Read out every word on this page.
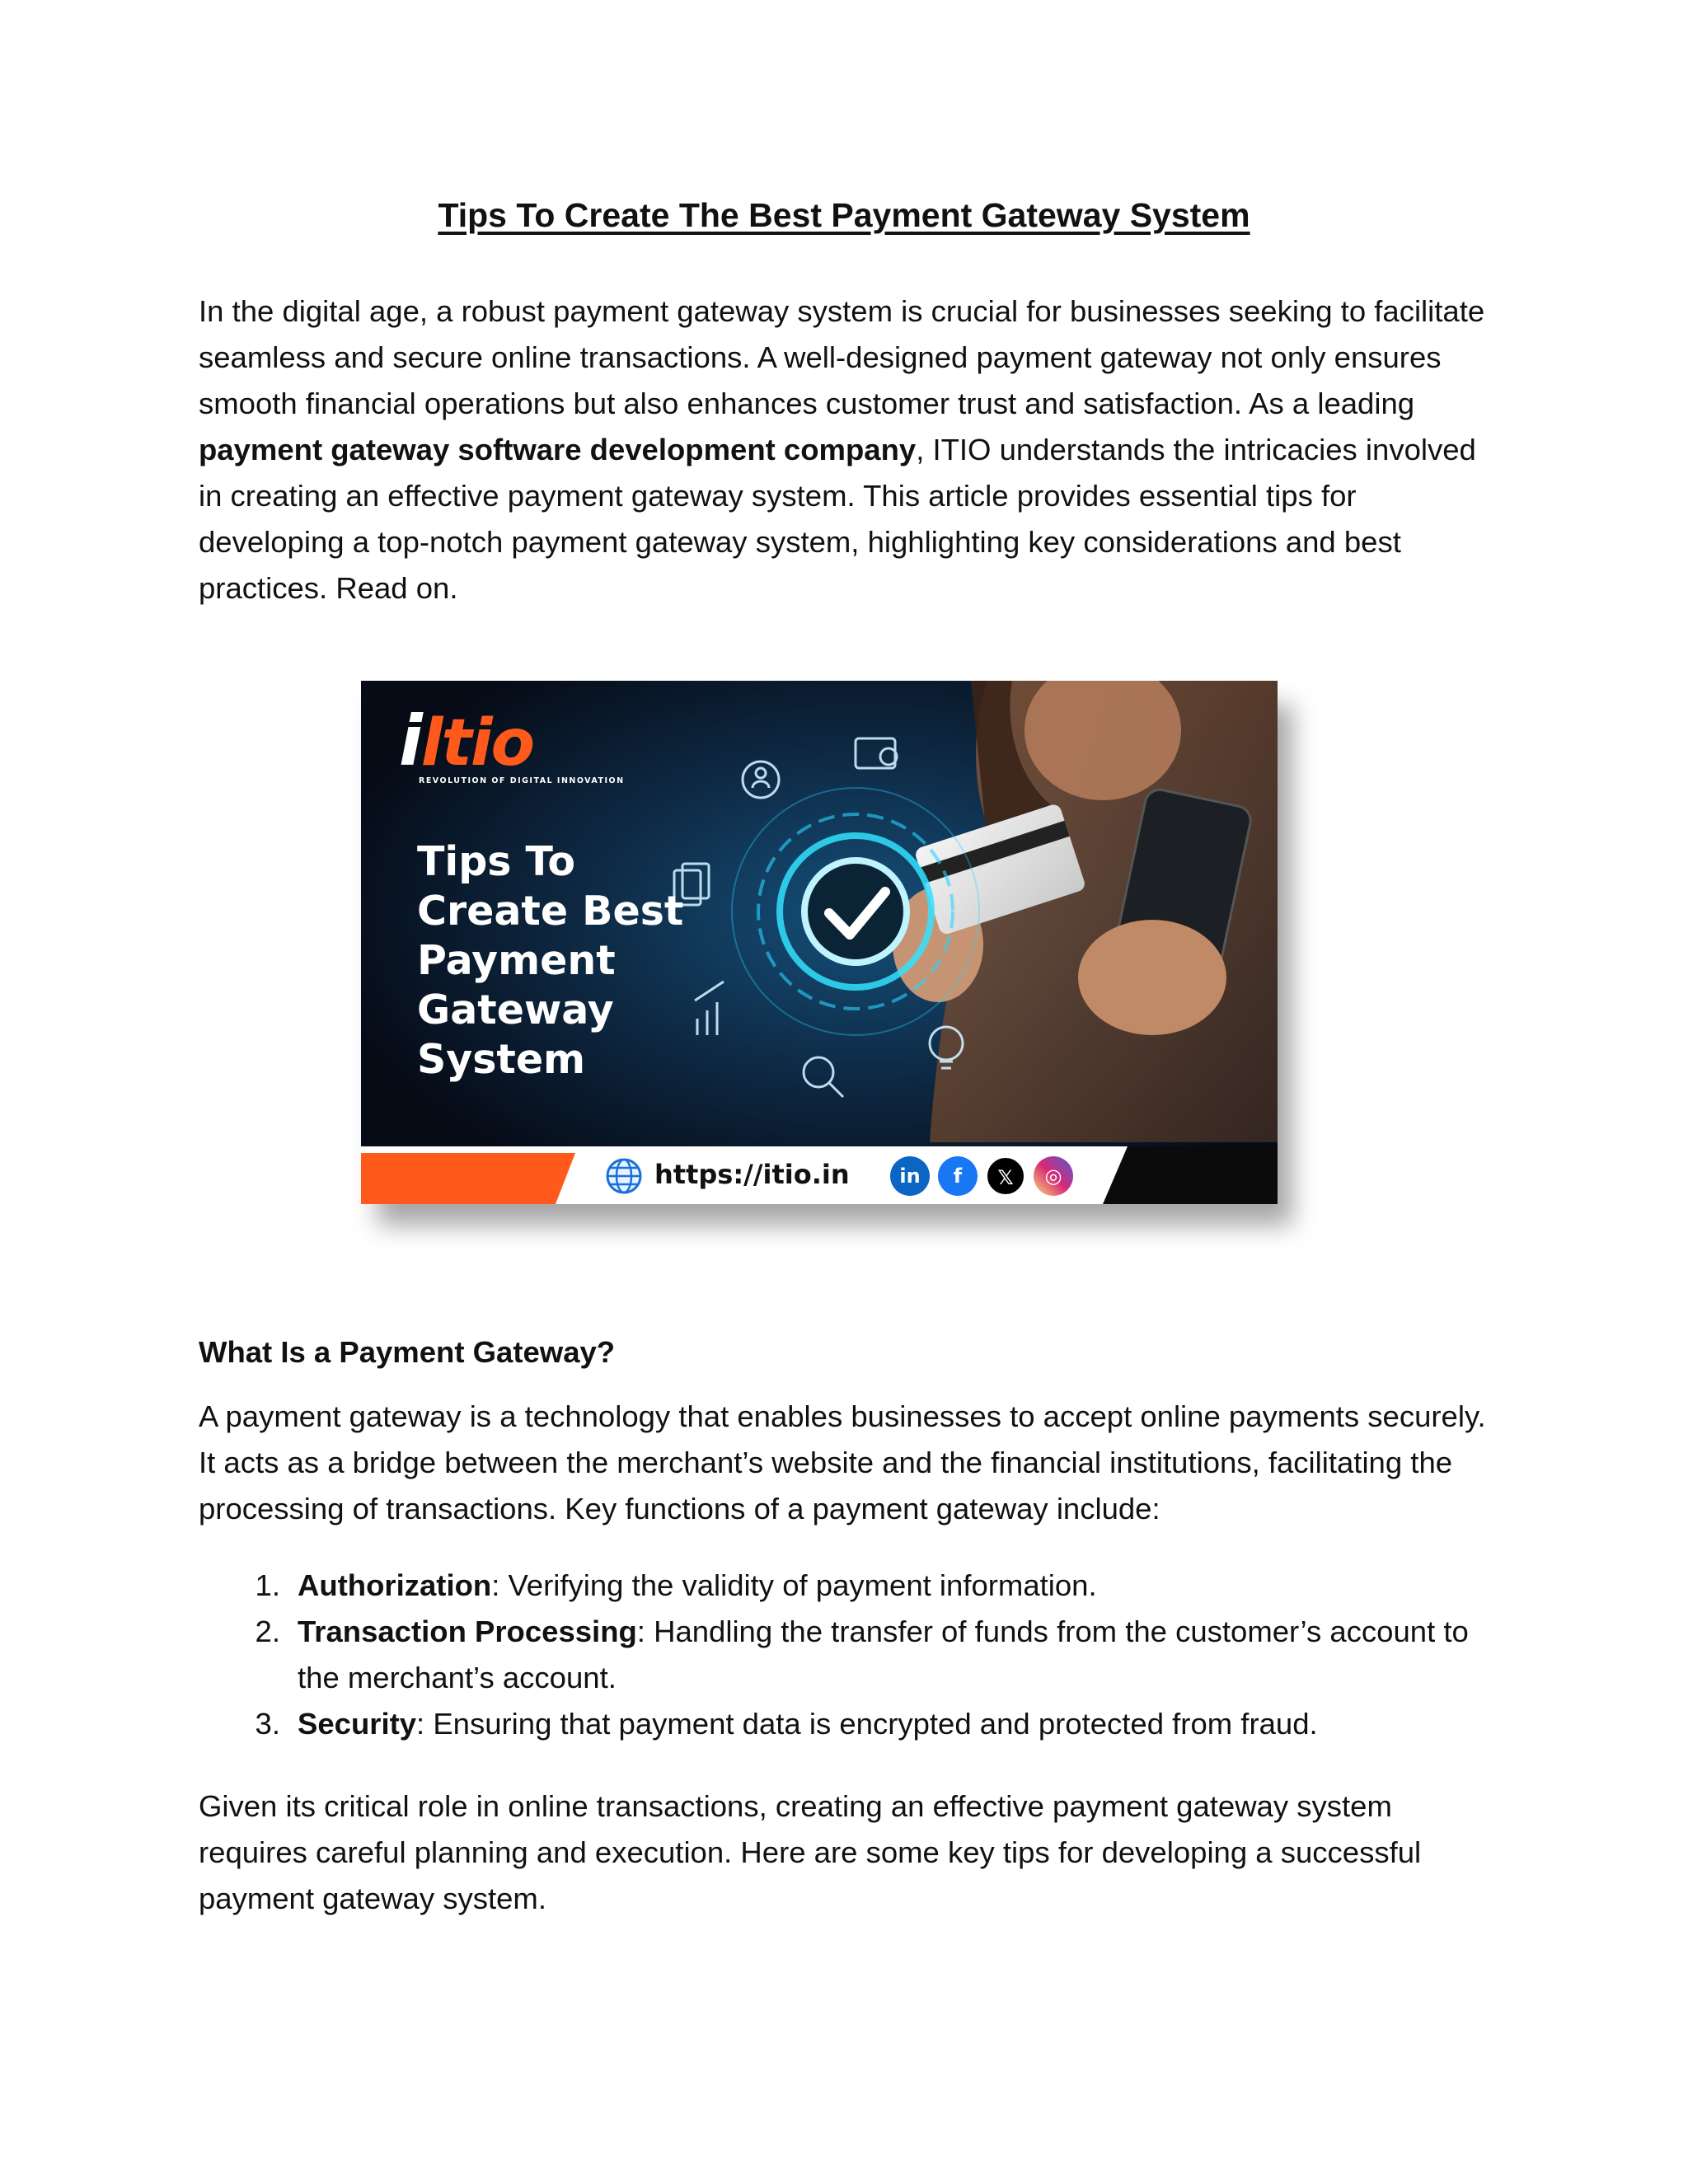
Tips To Create The Best Payment Gateway System

In the digital age, a robust payment gateway system is crucial for businesses seeking to facilitate seamless and secure online transactions. A well-designed payment gateway not only ensures smooth financial operations but also enhances customer trust and satisfaction. As a leading payment gateway software development company, ITIO understands the intricacies involved in creating an effective payment gateway system. This article provides essential tips for developing a top-notch payment gateway system, highlighting key considerations and best practices. Read on.

iltio
REVOLUTION OF DIGITAL INNOVATION
Tips To
Create Best
Payment
Gateway
System
https://itio.in	in	f	𝕏	◎
What Is a Payment Gateway?

A payment gateway is a technology that enables businesses to accept online payments securely. It acts as a bridge between the merchant’s website and the financial institutions, facilitating the processing of transactions. Key functions of a payment gateway include:

1. Authorization: Verifying the validity of payment information.
2. Transaction Processing: Handling the transfer of funds from the customer’s account to the merchant’s account.
3. Security: Ensuring that payment data is encrypted and protected from fraud.

Given its critical role in online transactions, creating an effective payment gateway system requires careful planning and execution. Here are some key tips for developing a successful payment gateway system.
